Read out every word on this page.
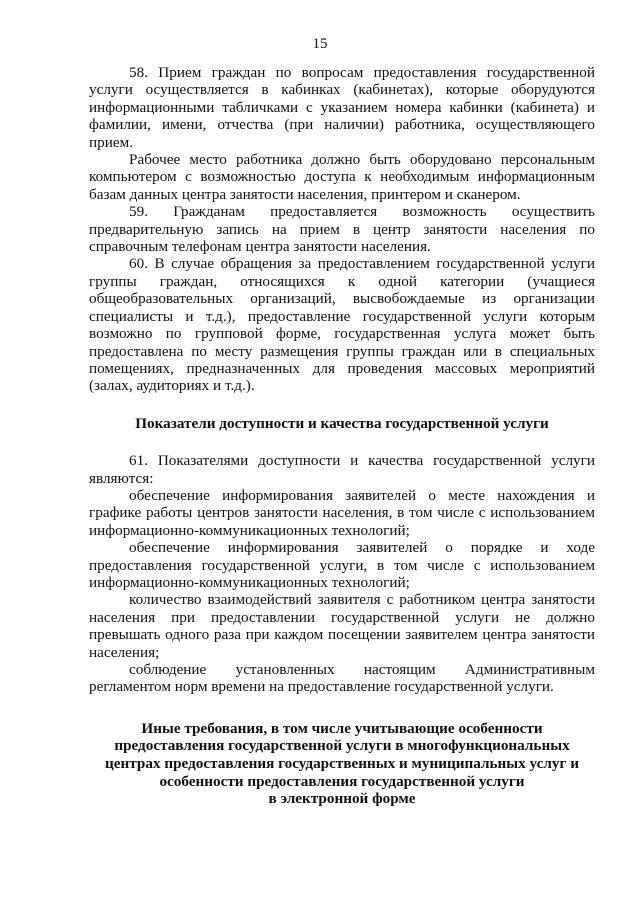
15

58. Прием граждан по вопросам предоставления государственной услуги осуществляется в кабинках (кабинетах), которые оборудуются информационными табличками с указанием номера кабинки (кабинета) и фамилии, имени, отчества (при наличии) работника, осуществляющего прием.

Рабочее место работника должно быть оборудовано персональным компьютером с возможностью доступа к необходимым информационным базам данных центра занятости населения, принтером и сканером.

59. Гражданам предоставляется возможность осуществить предварительную запись на прием в центр занятости населения по справочным телефонам центра занятости населения.

60. В случае обращения за предоставлением государственной услуги группы граждан, относящихся к одной категории (учащиеся общеобразовательных организаций, высвобождаемые из организации специалисты и т.д.), предоставление государственной услуги которым возможно по групповой форме, государственная услуга может быть предоставлена по месту размещения группы граждан или в специальных помещениях, предназначенных для проведения массовых мероприятий (залах, аудиториях и т.д.).

Показатели доступности и качества государственной услуги

61. Показателями доступности и качества государственной услуги являются:

обеспечение информирования заявителей о месте нахождения и графике работы центров занятости населения, в том числе с использованием информационно-коммуникационных технологий;

обеспечение информирования заявителей о порядке и ходе предоставления государственной услуги, в том числе с использованием информационно-коммуникационных технологий;

количество взаимодействий заявителя с работником центра занятости населения при предоставлении государственной услуги не должно превышать одного раза при каждом посещении заявителем центра занятости населения;

соблюдение установленных настоящим Административным регламентом норм времени на предоставление государственной услуги.

Иные требования, в том числе учитывающие особенности
предоставления государственной услуги в многофункциональных
центрах предоставления государственных и муниципальных услуг и
особенности предоставления государственной услуги
в электронной форме
